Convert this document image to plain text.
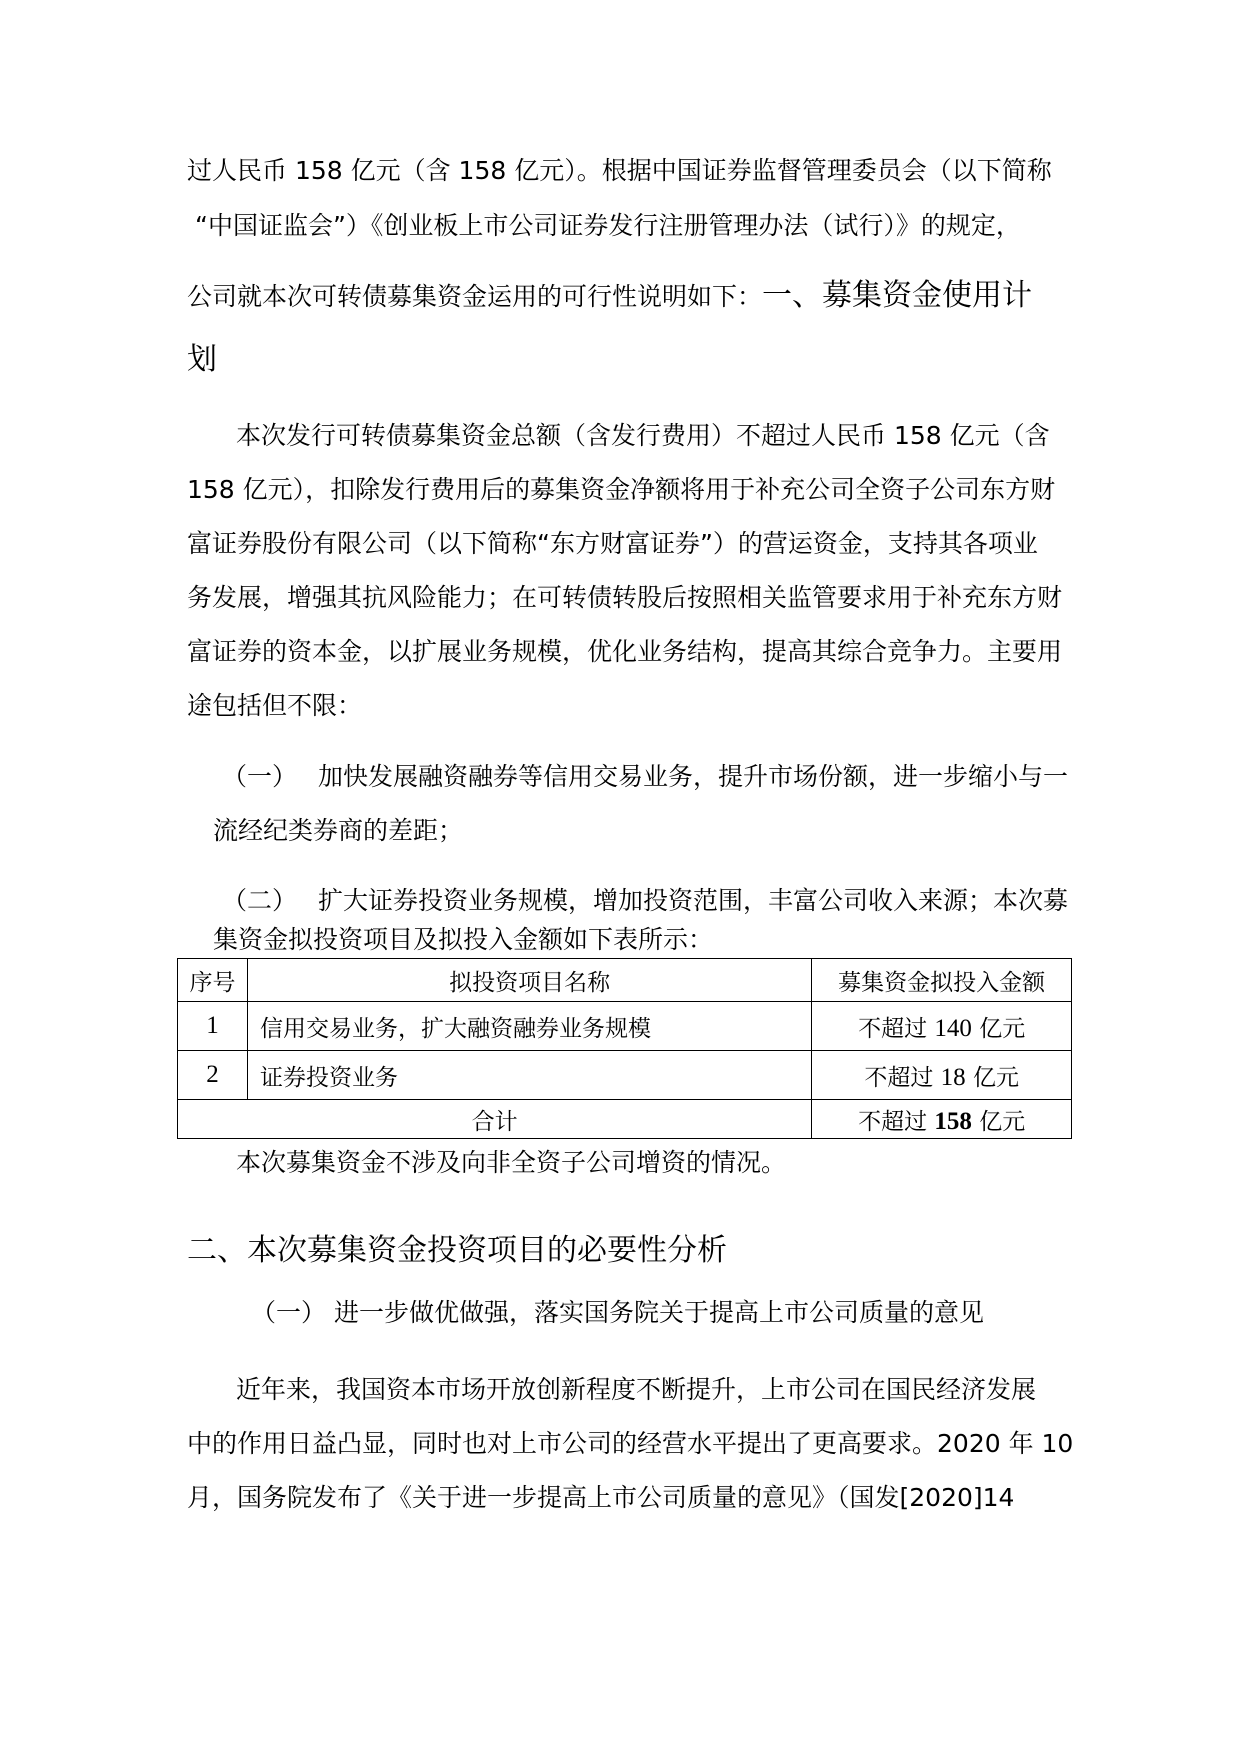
过人民币 158 亿元（含 158 亿元）。根据中国证券监督管理委员会（以下简称
“中国证监会”）《创业板上市公司证券发行注册管理办法（试行）》的规定，
公司就本次可转债募集资金运用的可行性说明如下：一、募集资金使用计
划
本次发行可转债募集资金总额（含发行费用）不超过人民币 158 亿元（含
158 亿元），扣除发行费用后的募集资金净额将用于补充公司全资子公司东方财
富证券股份有限公司（以下简称“东方财富证券”）的营运资金，支持其各项业
务发展，增强其抗风险能力；在可转债转股后按照相关监管要求用于补充东方财
富证券的资本金，以扩展业务规模，优化业务结构，提高其综合竞争力。主要用
途包括但不限：
（一） 加快发展融资融券等信用交易业务，提升市场份额，进一步缩小与一
流经纪类券商的差距；
（二） 扩大证券投资业务规模，增加投资范围，丰富公司收入来源；本次募
集资金拟投资项目及拟投入金额如下表所示：
序号	拟投资项目名称	募集资金拟投入金额
1	信用交易业务，扩大融资融券业务规模	不超过 140 亿元
2	证券投资业务	不超过 18 亿元
合计		不超过 158 亿元
本次募集资金不涉及向非全资子公司增资的情况。
二、本次募集资金投资项目的必要性分析
（一） 进一步做优做强，落实国务院关于提高上市公司质量的意见
近年来，我国资本市场开放创新程度不断提升，上市公司在国民经济发展
中的作用日益凸显，同时也对上市公司的经营水平提出了更高要求。2020 年 10
月，国务院发布了《关于进一步提高上市公司质量的意见》（国发[2020]14
